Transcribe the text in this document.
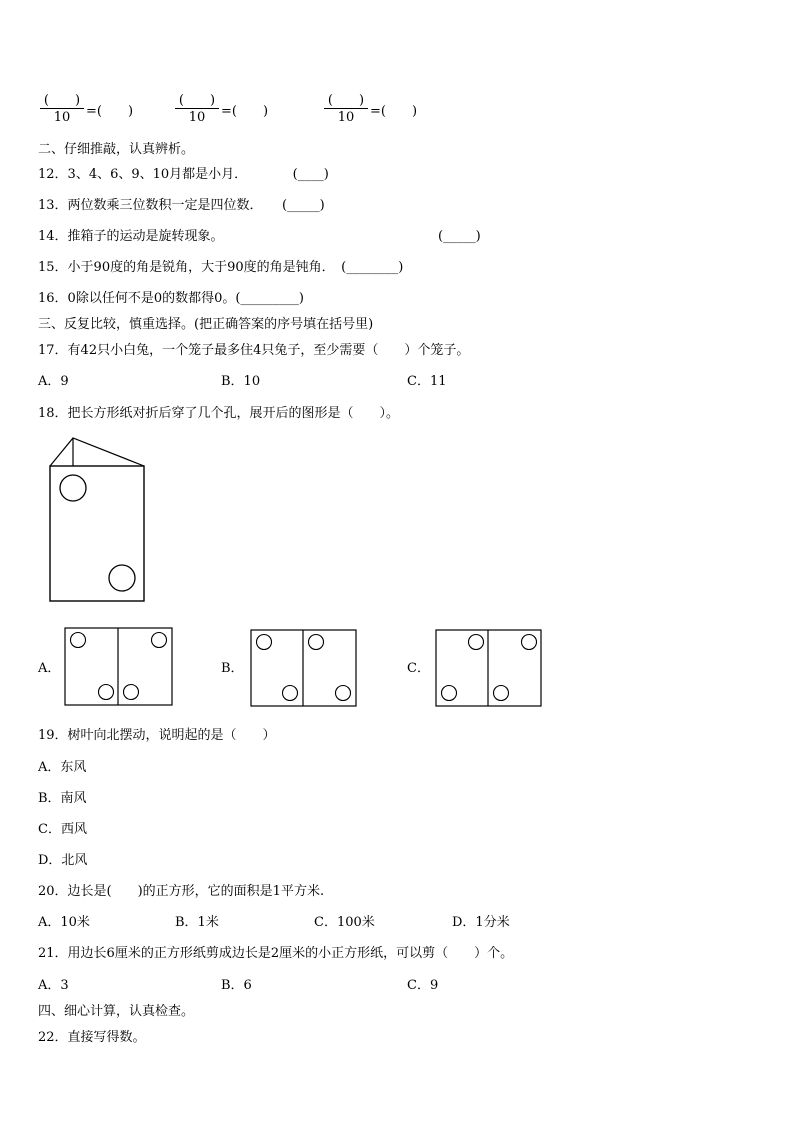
(　　)
10	=(　　)
(　　)
10	=(　　)
(　　)
10	=(　　)
二、仔细推敲，认真辨析。
12．3、4、6、9、10月都是小月．　　　　(____)
13．两位数乘三位数积一定是四位数．　　(_____)
14．推箱子的运动是旋转现象。　　　　　　　　　　　　　　　　　(_____)
15．小于90度的角是锐角，大于90度的角是钝角．　(________)
16．0除以任何不是0的数都得0。(_________)
三、反复比较，慎重选择。(把正确答案的序号填在括号里)
17．有42只小白兔，一个笼子最多住4只兔子，至少需要（　　）个笼子。
A．9	B．10	C．11
18．把长方形纸对折后穿了几个孔，展开后的图形是（　　）。
A．	B．	C．
19．树叶向北摆动，说明起的是（　　）
A．东风
B．南风
C．西风
D．北风
20．边长是(　　)的正方形，它的面积是1平方米.
A．10米	B．1米	C．100米	D．1分米
21．用边长6厘米的正方形纸剪成边长是2厘米的小正方形纸，可以剪（　　）个。
A．3	B．6	C．9
四、细心计算，认真检查。
22．直接写得数。
